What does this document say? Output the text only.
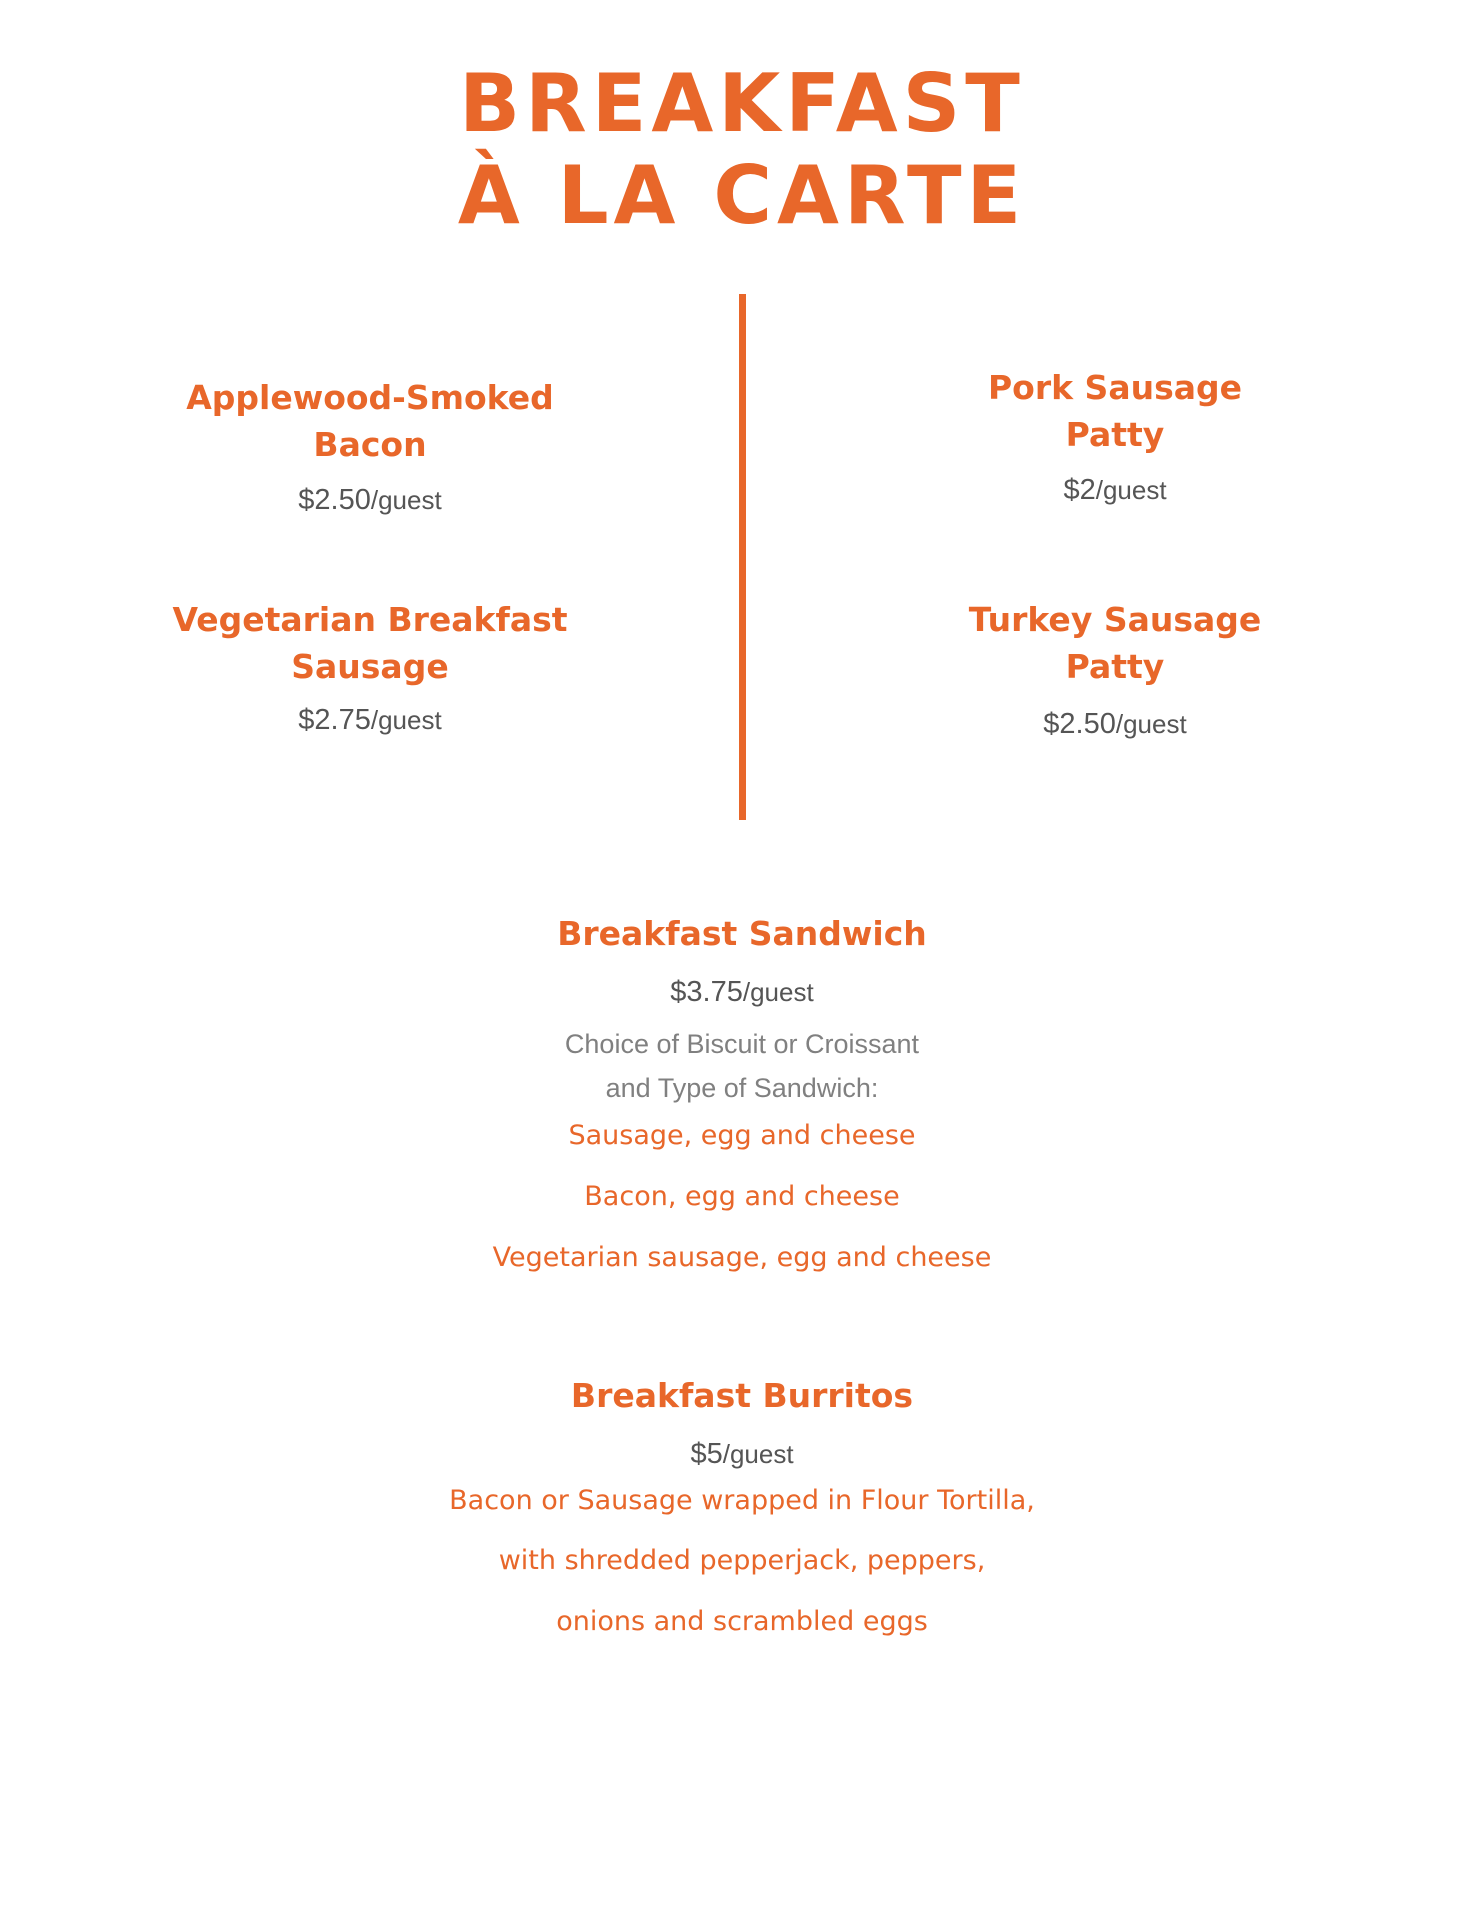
BREAKFAST
À LA CARTE

Applewood-Smoked
Bacon

$2.50/guest

Pork Sausage
Patty

$2/guest

Vegetarian Breakfast
Sausage

$2.75/guest

Turkey Sausage
Patty

$2.50/guest

Breakfast Sandwich

$3.75/guest

Choice of Biscuit or Croissant

and Type of Sandwich:

Sausage, egg and cheese

Bacon, egg and cheese

Vegetarian sausage, egg and cheese

Breakfast Burritos

$5/guest

Bacon or Sausage wrapped in Flour Tortilla,

with shredded pepperjack, peppers,

onions and scrambled eggs
